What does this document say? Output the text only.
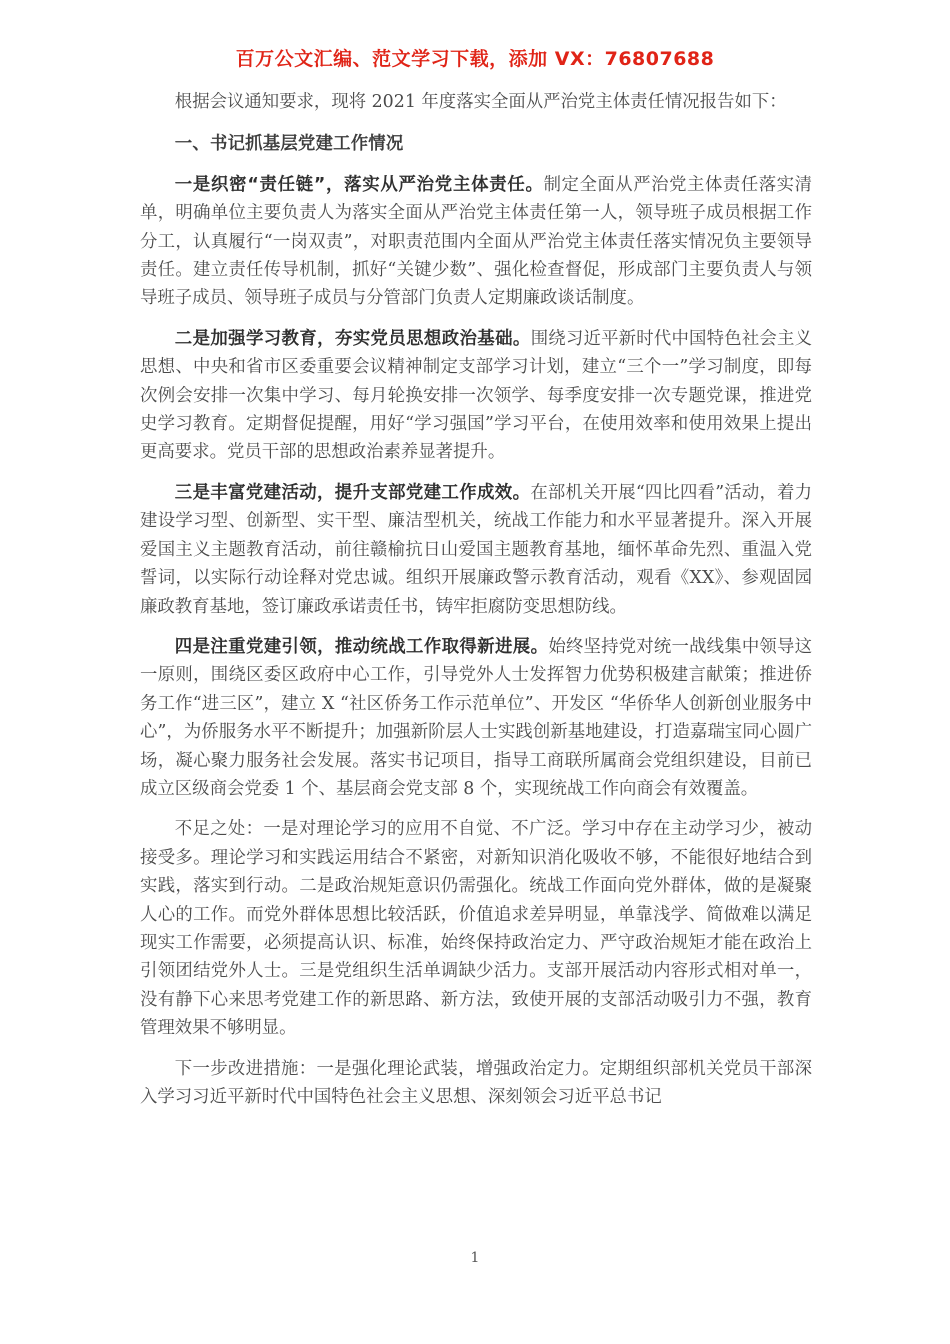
百万公文汇编、范文学习下载，添加 VX：76807688

根据会议通知要求，现将 2021 年度落实全面从严治党主体责任情况报告如下：

一、书记抓基层党建工作情况

一是织密“责任链”，落实从严治党主体责任。制定全面从严治党主体责任落实清单，明确单位主要负责人为落实全面从严治党主体责任第一人，领导班子成员根据工作分工，认真履行“一岗双责”，对职责范围内全面从严治党主体责任落实情况负主要领导责任。建立责任传导机制，抓好“关键少数”、强化检查督促，形成部门主要负责人与领导班子成员、领导班子成员与分管部门负责人定期廉政谈话制度。

二是加强学习教育，夯实党员思想政治基础。围绕习近平新时代中国特色社会主义思想、中央和省市区委重要会议精神制定支部学习计划，建立“三个一”学习制度，即每次例会安排一次集中学习、每月轮换安排一次领学、每季度安排一次专题党课，推进党史学习教育。定期督促提醒，用好“学习强国”学习平台，在使用效率和使用效果上提出更高要求。党员干部的思想政治素养显著提升。

三是丰富党建活动，提升支部党建工作成效。在部机关开展“四比四看”活动，着力建设学习型、创新型、实干型、廉洁型机关，统战工作能力和水平显著提升。深入开展爱国主义主题教育活动，前往赣榆抗日山爱国主题教育基地，缅怀革命先烈、重温入党誓词，以实际行动诠释对党忠诚。组织开展廉政警示教育活动，观看《XX》、参观固园廉政教育基地，签订廉政承诺责任书，铸牢拒腐防变思想防线。

四是注重党建引领，推动统战工作取得新进展。始终坚持党对统一战线集中领导这一原则，围绕区委区政府中心工作，引导党外人士发挥智力优势积极建言献策；推进侨务工作“进三区”，建立 X “社区侨务工作示范单位”、开发区 “华侨华人创新创业服务中心”，为侨服务水平不断提升；加强新阶层人士实践创新基地建设，打造嘉瑞宝同心圆广场，凝心聚力服务社会发展。落实书记项目，指导工商联所属商会党组织建设，目前已成立区级商会党委 1 个、基层商会党支部 8 个，实现统战工作向商会有效覆盖。

不足之处：一是对理论学习的应用不自觉、不广泛。学习中存在主动学习少，被动接受多。理论学习和实践运用结合不紧密，对新知识消化吸收不够，不能很好地结合到实践，落实到行动。二是政治规矩意识仍需强化。统战工作面向党外群体，做的是凝聚人心的工作。而党外群体思想比较活跃，价值追求差异明显，单靠浅学、简做难以满足现实工作需要，必须提高认识、标准，始终保持政治定力、严守政治规矩才能在政治上引领团结党外人士。三是党组织生活单调缺少活力。支部开展活动内容形式相对单一，没有静下心来思考党建工作的新思路、新方法，致使开展的支部活动吸引力不强，教育管理效果不够明显。

下一步改进措施：一是强化理论武装，增强政治定力。定期组织部机关党员干部深入学习习近平新时代中国特色社会主义思想、深刻领会习近平总书记

1
